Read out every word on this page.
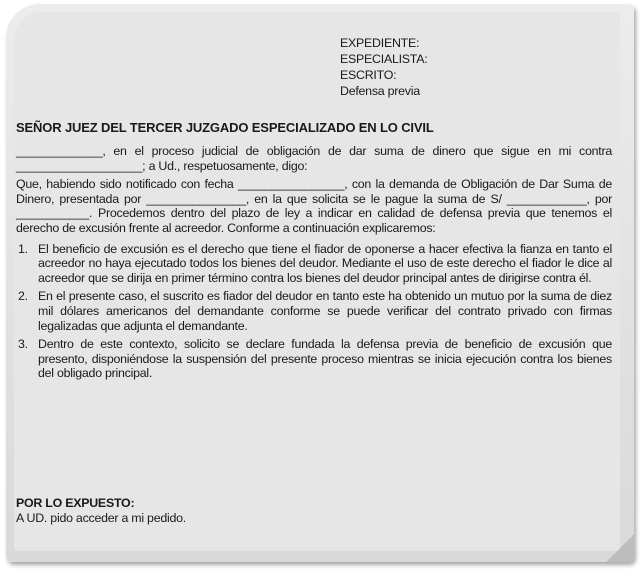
EXPEDIENTE:
ESPECIALISTA:
ESCRITO:
Defensa previa
SEÑOR JUEZ DEL TERCER JUZGADO ESPECIALIZADO EN LO CIVIL

_____________, en el proceso judicial de obligación de dar suma de dinero que sigue en mi contra ___________________; a Ud., respetuosamente, digo:

Que, habiendo sido notificado con fecha ________________, con la demanda de Obligación de Dar Suma de Dinero, presentada por _______________, en la que solicita se le pague la suma de S/ ____________, por ___________. Procedemos dentro del plazo de ley a indicar en calidad de defensa previa que tenemos el derecho de excusión frente al acreedor. Conforme a continuación explicaremos:

1. El beneficio de excusión es el derecho que tiene el fiador de oponerse a hacer efectiva la fianza en tanto el acreedor no haya ejecutado todos los bienes del deudor. Mediante el uso de este derecho el fiador le dice al acreedor que se dirija en primer término contra los bienes del deudor principal antes de dirigirse contra él.
2. En el presente caso, el suscrito es fiador del deudor en tanto este ha obtenido un mutuo por la suma de diez mil dólares americanos del demandante conforme se puede verificar del contrato privado con firmas legalizadas que adjunta el demandante.
3. Dentro de este contexto, solicito se declare fundada la defensa previa de beneficio de excusión que presento, disponiéndose la suspensión del presente proceso mientras se inicia ejecución contra los bienes del obligado principal.
POR LO EXPUESTO:
A UD. pido acceder a mi pedido.
